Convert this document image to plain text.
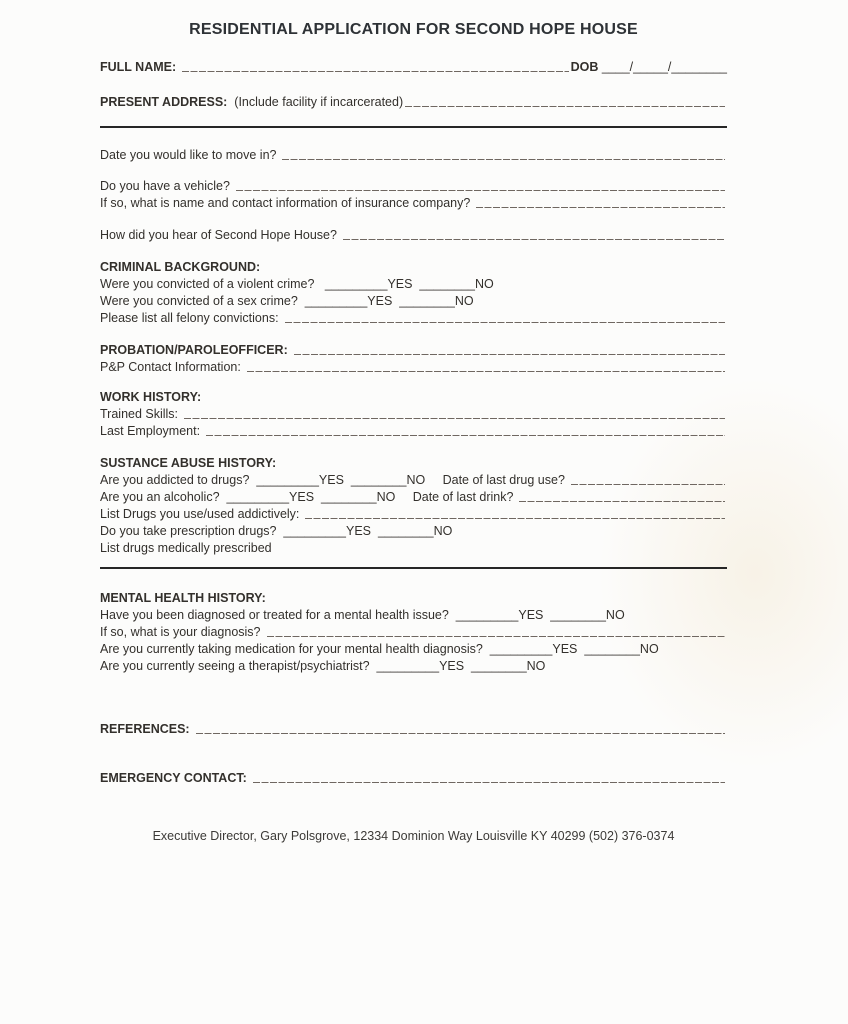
RESIDENTIAL APPLICATION FOR SECOND HOPE HOUSE
FULL NAME:	DOB ____/_____/________
PRESENT ADDRESS: (Include facility if incarcerated)
Date you would like to move in?
Do you have a vehicle?
If so, what is name and contact information of insurance company?
How did you hear of Second Hope House?
CRIMINAL BACKGROUND:
Were you convicted of a violent crime?   _________YES  ________NO
Were you convicted of a sex crime?  _________YES  ________NO
Please list all felony convictions:
PROBATION/PAROLEOFFICER:
P&P Contact Information:
WORK HISTORY:
Trained Skills:
Last Employment:
SUSTANCE ABUSE HISTORY:
Are you addicted to drugs?  _________YES  ________NO     Date of last drug use?
Are you an alcoholic?  _________YES  ________NO     Date of last drink?
List Drugs you use/used addictively:
Do you take prescription drugs?  _________YES  ________NO
List drugs medically prescribed
MENTAL HEALTH HISTORY:
Have you been diagnosed or treated for a mental health issue?  _________YES  ________NO
If so, what is your diagnosis?
Are you currently taking medication for your mental health diagnosis?  _________YES  ________NO
Are you currently seeing a therapist/psychiatrist?  _________YES  ________NO
REFERENCES:
EMERGENCY CONTACT:
Executive Director, Gary Polsgrove, 12334 Dominion Way Louisville KY 40299 (502) 376-0374
